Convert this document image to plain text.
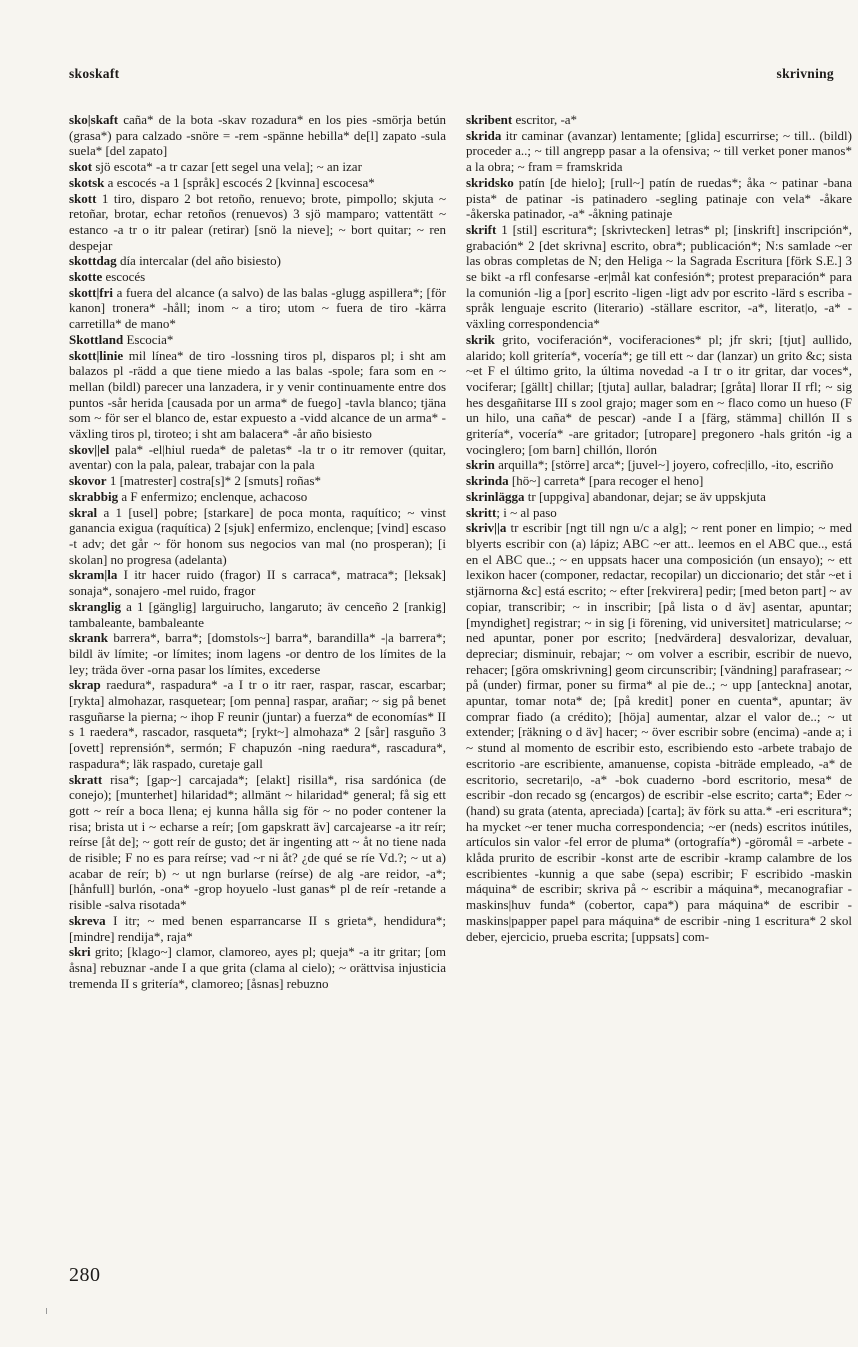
skoskaft	skrivning

sko|skaft caña* de la bota -skav rozadura* en los pies -smörja betún (grasa*) para calzado -snöre = -rem -spänne hebilla* de[l] zapato -sula suela* [del zapato]

skot sjö escota* -a tr cazar [ett segel una vela]; ~ an izar

skotsk a escocés -a 1 [språk] escocés 2 [kvinna] escocesa*

skott 1 tiro, disparo 2 bot retoño, renuevo; brote, pimpollo; skjuta ~ retoñar, brotar, echar retoños (renuevos) 3 sjö mamparo; vattentätt ~ estanco -a tr o itr palear (retirar) [snö la nieve]; ~ bort quitar; ~ ren despejar

skottdag día intercalar (del año bisiesto)

skotte escocés

skott|fri a fuera del alcance (a salvo) de las balas -glugg aspillera*; [för kanon] tronera* -håll; inom ~ a tiro; utom ~ fuera de tiro -kärra carretilla* de mano*

Skottland Escocia*

skott|linie mil línea* de tiro -lossning tiros pl, disparos pl; i sht am balazos pl -rädd a que tiene miedo a las balas -spole; fara som en ~ mellan (bildl) parecer una lanzadera, ir y venir continuamente entre dos puntos -sår herida [causada por un arma* de fuego] -tavla blanco; tjäna som ~ för ser el blanco de, estar expuesto a -vidd alcance de un arma* -växling tiros pl, tiroteo; i sht am balacera* -år año bisiesto

skov||el pala* -el|hiul rueda* de paletas* -la tr o itr remover (quitar, aventar) con la pala, palear, trabajar con la pala

skovor 1 [matrester] costra[s]* 2 [smuts] roñas*

skrabbig a F enfermizo; enclenque, achacoso

skral a 1 [usel] pobre; [starkare] de poca monta, raquítico; ~ vinst ganancia exigua (raquítica) 2 [sjuk] enfermizo, enclenque; [vind] escaso -t adv; det går ~ för honom sus negocios van mal (no prosperan); [i skolan] no progresa (adelanta)

skram|la I itr hacer ruido (fragor) II s carraca*, matraca*; [leksak] sonaja*, sonajero -mel ruido, fragor

skranglig a 1 [gänglig] larguirucho, langaruto; äv cenceño 2 [rankig] tambaleante, bambaleante

skrank barrera*, barra*; [domstols~] barra*, barandilla* -|a barrera*; bildl äv límite; -or límites; inom lagens -or dentro de los límites de la ley; träda över -orna pasar los límites, excederse

skrap raedura*, raspadura* -a I tr o itr raer, raspar, rascar, escarbar; [rykta] almohazar, rasquetear; [om penna] raspar, arañar; ~ sig på benet rasguñarse la pierna; ~ ihop F reunir (juntar) a fuerza* de economías* II s 1 raedera*, rascador, rasqueta*; [rykt~] almohaza* 2 [sår] rasguño 3 [ovett] reprensión*, sermón; F chapuzón -ning raedura*, rascadura*, raspadura*; läk raspado, curetaje gall

skratt risa*; [gap~] carcajada*; [elakt] risilla*, risa sardónica (de conejo); [munterhet] hilaridad*; allmänt ~ hilaridad* general; få sig ett gott ~ reír a boca llena; ej kunna hålla sig för ~ no poder contener la risa; brista ut i ~ echarse a reír; [om gapskratt äv] carcajearse -a itr reír; reírse [åt de]; ~ gott reír de gusto; det är ingenting att ~ åt no tiene nada de risible; F no es para reírse; vad ~r ni åt? ¿de qué se ríe Vd.?; ~ ut a) acabar de reír; b) ~ ut ngn burlarse (reírse) de alg -are reidor, -a*; [hånfull] burlón, -ona* -grop hoyuelo -lust ganas* pl de reír -retande a risible -salva risotada*

skreva I itr; ~ med benen esparrancarse II s grieta*, hendidura*; [mindre] rendija*, raja*

skri grito; [klago~] clamor, clamoreo, ayes pl; queja* -a itr gritar; [om åsna] rebuznar -ande I a que grita (clama al cielo); ~ orättvisa injusticia tremenda II s gritería*, clamoreo; [åsnas] rebuzno

skribent escritor, -a*

skrida itr caminar (avanzar) lentamente; [glida] escurrirse; ~ till.. (bildl) proceder a..; ~ till angrepp pasar a la ofensiva; ~ till verket poner manos* a la obra; ~ fram = framskrida

skridsko patín [de hielo]; [rull~] patín de ruedas*; åka ~ patinar -bana pista* de patinar -is patinadero -segling patinaje con vela* -åkare -åkerska patinador, -a* -åkning patinaje

skrift 1 [stil] escritura*; [skrivtecken] letras* pl; [inskrift] inscripción*, grabación* 2 [det skrivna] escrito, obra*; publicación*; N:s samlade ~er las obras completas de N; den Heliga ~ la Sagrada Escritura [förk S.E.] 3 se bikt -a rfl confesarse -er|mål kat confesión*; protest preparación* para la comunión -lig a [por] escrito -ligen -ligt adv por escrito -lärd s escriba -språk lenguaje escrito (literario) -ställare escritor, -a*, literat|o, -a* -växling correspondencia*

skrik grito, vociferación*, vociferaciones* pl; jfr skri; [tjut] aullido, alarido; koll gritería*, vocería*; ge till ett ~ dar (lanzar) un grito &c; sista ~et F el último grito, la última novedad -a I tr o itr gritar, dar voces*, vociferar; [gällt] chillar; [tjuta] aullar, baladrar; [gråta] llorar II rfl; ~ sig hes desgañitarse III s zool grajo; mager som en ~ flaco como un hueso (F un hilo, una caña* de pescar) -ande I a [färg, stämma] chillón II s gritería*, vocería* -are gritador; [utropare] pregonero -hals gritón -ig a vocinglero; [om barn] chillón, llorón

skrin arquilla*; [större] arca*; [juvel~] joyero, cofrec|illo, -ito, escriño

skrinda [hö~] carreta* [para recoger el heno]

skrinlägga tr [uppgiva] abandonar, dejar; se äv uppskjuta

skritt; i ~ al paso

skriv||a tr escribir [ngt till ngn u/c a alg]; ~ rent poner en limpio; ~ med blyerts escribir con (a) lápiz; ABC ~er att.. leemos en el ABC que.., está en el ABC que..; ~ en uppsats hacer una composición (un ensayo); ~ ett lexikon hacer (componer, redactar, recopilar) un diccionario; det står ~et i stjärnorna &c] está escrito; ~ efter [rekvirera] pedir; [med beton part] ~ av copiar, transcribir; ~ in inscribir; [på lista o d äv] asentar, apuntar; [myndighet] registrar; ~ in sig [i förening, vid universitet] matricularse; ~ ned apuntar, poner por escrito; [nedvärdera] desvalorizar, devaluar, depreciar; disminuir, rebajar; ~ om volver a escribir, escribir de nuevo, rehacer; [göra omskrivning] geom circunscribir; [vändning] parafrasear; ~ på (under) firmar, poner su firma* al pie de..; ~ upp [anteckna] anotar, apuntar, tomar nota* de; [på kredit] poner en cuenta*, apuntar; äv comprar fiado (a crédito); [höja] aumentar, alzar el valor de..; ~ ut extender; [räkning o d äv] hacer; ~ över escribir sobre (encima) -ande a; i ~ stund al momento de escribir esto, escribiendo esto -arbete trabajo de escritorio -are escribiente, amanuense, copista -biträde empleado, -a* de escritorio, secretari|o, -a* -bok cuaderno -bord escritorio, mesa* de escribir -don recado sg (encargos) de escribir -else escrito; carta*; Eder ~ (hand) su grata (atenta, apreciada) [carta]; äv förk su atta.* -eri escritura*; ha mycket ~er tener mucha correspondencia; ~er (neds) escritos inútiles, artículos sin valor -fel error de pluma* (ortografía*) -göromål = -arbete -klåda prurito de escribir -konst arte de escribir -kramp calambre de los escribientes -kunnig a que sabe (sepa) escribir; F escribido -maskin máquina* de escribir; skriva på ~ escribir a máquina*, mecanografiar -maskins|huv funda* (cobertor, capa*) para máquina* de escribir -maskins|papper papel para máquina* de escribir -ning 1 escritura* 2 skol deber, ejercicio, prueba escrita; [uppsats] com-

280
